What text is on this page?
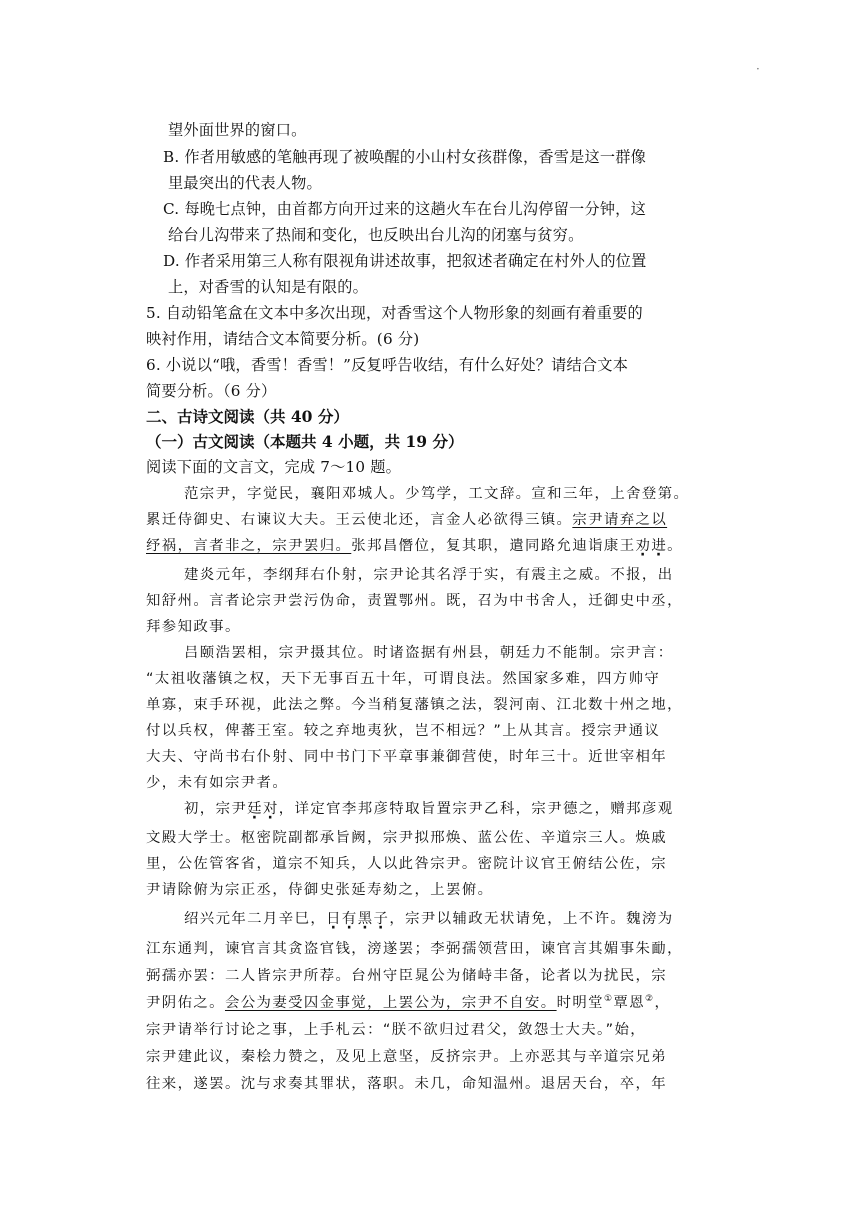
·

望外面世界的窗口。

B. 作者用敏感的笔触再现了被唤醒的小山村女孩群像，香雪是这一群像

里最突出的代表人物。

C. 每晚七点钟，由首都方向开过来的这趟火车在台儿沟停留一分钟，这

给台儿沟带来了热闹和变化，也反映出台儿沟的闭塞与贫穷。

D. 作者采用第三人称有限视角讲述故事，把叙述者确定在村外人的位置

上，对香雪的认知是有限的。

5. 自动铅笔盒在文本中多次出现，对香雪这个人物形象的刻画有着重要的

映衬作用，请结合文本简要分析。(6 分)

6. 小说以“哦，香雪！香雪！”反复呼告收结，有什么好处？请结合文本

简要分析。（6 分）

二、古诗文阅读（共 40 分）

（一）古文阅读（本题共 4 小题，共 19 分）

阅读下面的文言文，完成 7～10 题。

范宗尹，字觉民，襄阳邓城人。少笃学，工文辞。宣和三年，上舍登第。

累迁侍御史、右谏议大夫。王云使北还，言金人必欲得三镇。宗尹请弃之以

纾祸，言者非之，宗尹罢归。张邦昌僭位，复其职，遣同路允迪诣康王劝进。

建炎元年，李纲拜右仆射，宗尹论其名浮于实，有震主之威。不报，出

知舒州。言者论宗尹尝污伪命，责置鄂州。既，召为中书舍人，迁御史中丞，

拜参知政事。

吕颐浩罢相，宗尹摄其位。时诸盗据有州县，朝廷力不能制。宗尹言：

“太祖收藩镇之权，天下无事百五十年，可谓良法。然国家多难，四方帅守

单寡，束手环视，此法之弊。今当稍复藩镇之法，裂河南、江北数十州之地，

付以兵权，俾蕃王室。较之弃地夷狄，岂不相远？”上从其言。授宗尹通议

大夫、守尚书右仆射、同中书门下平章事兼御营使，时年三十。近世宰相年

少，未有如宗尹者。

初，宗尹廷对，详定官李邦彦特取旨置宗尹乙科，宗尹德之，赠邦彦观

文殿大学士。枢密院副都承旨阙，宗尹拟邢焕、蓝公佐、辛道宗三人。焕戚

里，公佐管客省，道宗不知兵，人以此咎宗尹。密院计议官王俯结公佐，宗

尹请除俯为宗正丞，侍御史张延寿劾之，上罢俯。

绍兴元年二月辛巳，日有黑子，宗尹以辅政无状请免，上不许。魏滂为

江东通判，谏官言其贪盗官钱，滂遂罢；李弼孺领营田，谏官言其媚事朱勔，

弼孺亦罢：二人皆宗尹所荐。台州守臣晁公为储峙丰备，论者以为扰民，宗

尹阴佑之。会公为妻受囚金事觉，上罢公为，宗尹不自安。时明堂①覃恩②，

宗尹请举行讨论之事，上手札云：“朕不欲归过君父，敛怨士大夫。”始，

宗尹建此议，秦桧力赞之，及见上意坚，反挤宗尹。上亦恶其与辛道宗兄弟

往来，遂罢。沈与求奏其罪状，落职。未几，命知温州。退居天台，卒，年
